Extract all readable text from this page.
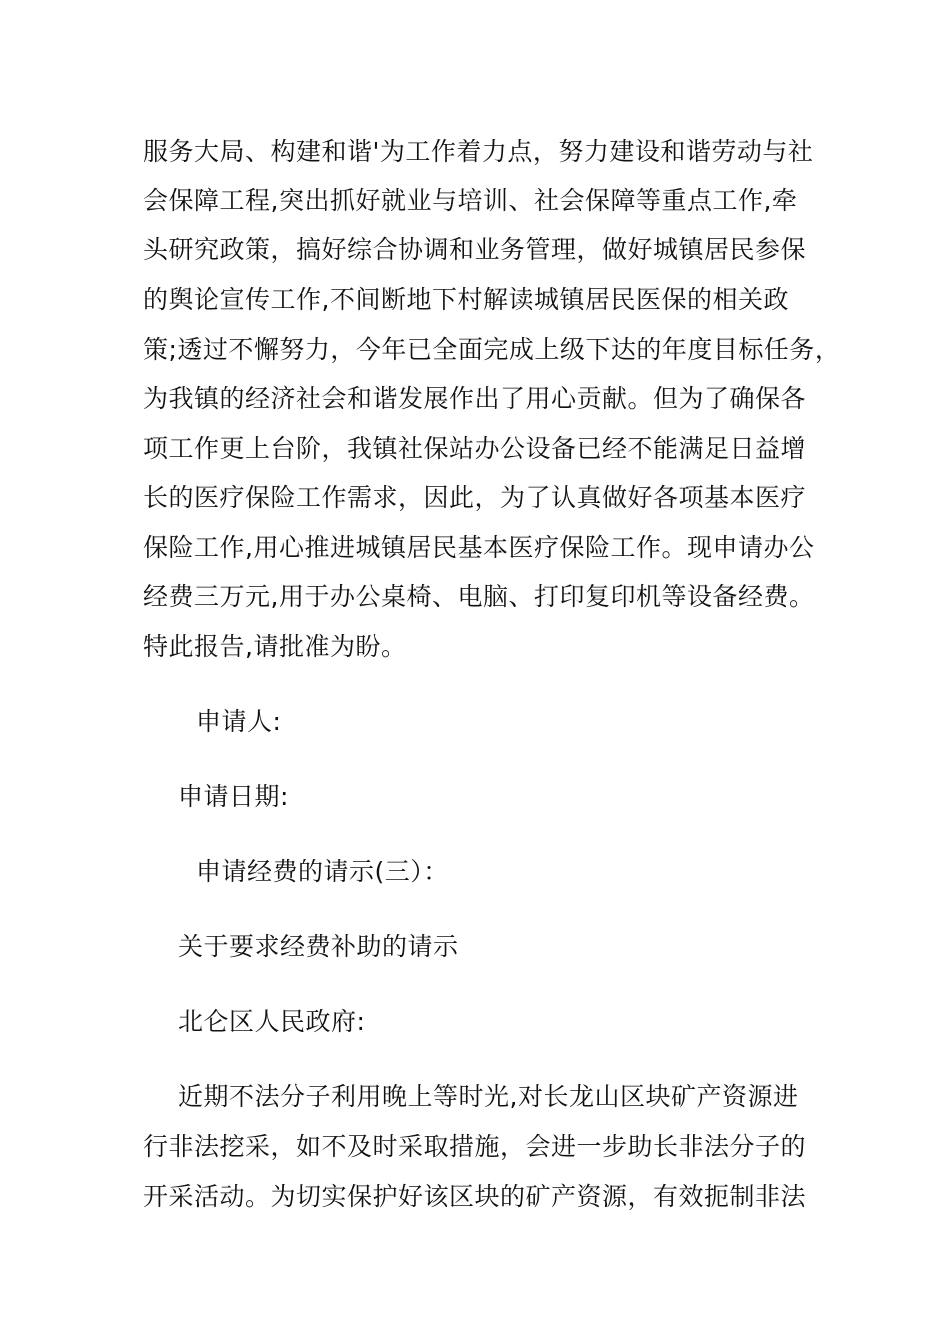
服务大局、构建和谐'为工作着力点，努力建设和谐劳动与社
会保障工程,突出抓好就业与培训、社会保障等重点工作,牵
头研究政策，搞好综合协调和业务管理，做好城镇居民参保
的舆论宣传工作,不间断地下村解读城镇居民医保的相关政
策;透过不懈努力，今年已全面完成上级下达的年度目标任务，
为我镇的经济社会和谐发展作出了用心贡献。但为了确保各
项工作更上台阶，我镇社保站办公设备已经不能满足日益增
长的医疗保险工作需求，因此，为了认真做好各项基本医疗
保险工作,用心推进城镇居民基本医疗保险工作。现申请办公
经费三万元,用于办公桌椅、电脑、打印复印机等设备经费。
特此报告,请批准为盼。
申请人:
申请日期:
申请经费的请示(三）：
关于要求经费补助的请示
北仑区人民政府:
近期不法分子利用晚上等时光,对长龙山区块矿产资源进
行非法挖采，如不及时采取措施，会进一步助长非法分子的
开采活动。为切实保护好该区块的矿产资源，有效扼制非法
